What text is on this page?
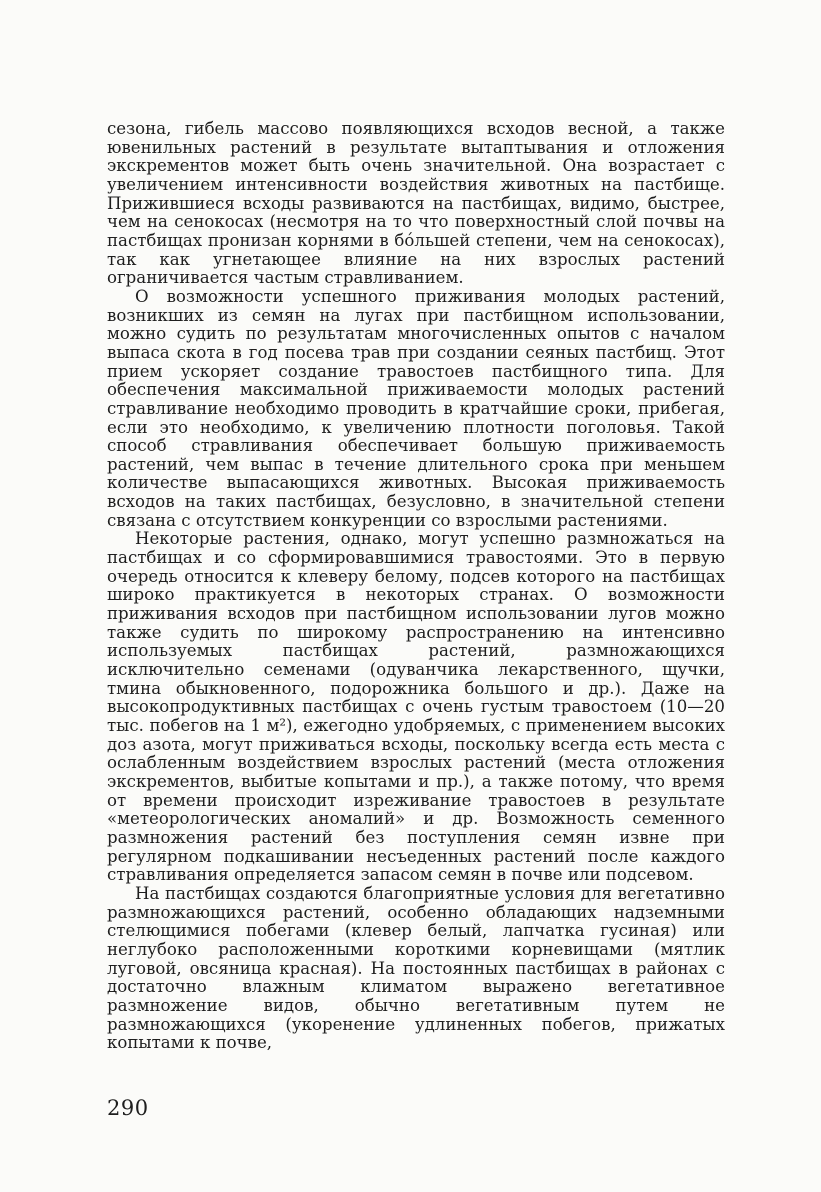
сезона, гибель массово появляющихся всходов весной, а также ювенильных растений в результате вытаптывания и отложения экскрементов может быть очень значительной. Она возрастает с увеличением интенсивности воздействия животных на пастбище. Прижившиеся всходы развиваются на пастбищах, видимо, быстрее, чем на сенокосах (несмотря на то что поверхностный слой почвы на пастбищах пронизан корнями в бóльшей степени, чем на сенокосах), так как угнетающее влияние на них взрослых растений ограничивается частым стравливанием.

О возможности успешного приживания молодых растений, возникших из семян на лугах при пастбищном использовании, можно судить по результатам многочисленных опытов с началом выпаса скота в год посева трав при создании сеяных пастбищ. Этот прием ускоряет создание травостоев пастбищного типа. Для обеспечения максимальной приживаемости молодых растений стравливание необходимо проводить в кратчайшие сроки, прибегая, если это необходимо, к увеличению плотности поголовья. Такой способ стравливания обеспечивает большую приживаемость растений, чем выпас в течение длительного срока при меньшем количестве выпасающихся животных. Высокая приживаемость всходов на таких пастбищах, безусловно, в значительной степени связана с отсутствием конкуренции со взрослыми растениями.

Некоторые растения, однако, могут успешно размножаться на пастбищах и со сформировавшимися травостоями. Это в первую очередь относится к клеверу белому, подсев которого на пастбищах широко практикуется в некоторых странах. О возможности приживания всходов при пастбищном использовании лугов можно также судить по широкому распространению на интенсивно используемых пастбищах растений, размножающихся исключительно семенами (одуванчика лекарственного, щучки, тмина обыкновенного, подорожника большого и др.). Даже на высокопродуктивных пастбищах с очень густым травостоем (10—20 тыс. побегов на 1 м²), ежегодно удобряемых, с применением высоких доз азота, могут приживаться всходы, поскольку всегда есть места с ослабленным воздействием взрослых растений (места отложения экскрементов, выбитые копытами и пр.), а также потому, что время от времени происходит изреживание травостоев в результате «метеорологических аномалий» и др. Возможность семенного размножения растений без поступления семян извне при регулярном подкашивании несъеденных растений после каждого стравливания определяется запасом семян в почве или подсевом.

На пастбищах создаются благоприятные условия для вегетативно размножающихся растений, особенно обладающих надземными стелющимися побегами (клевер белый, лапчатка гусиная) или неглубоко расположенными короткими корневищами (мятлик луговой, овсяница красная). На постоянных пастбищах в районах с достаточно влажным климатом выражено вегетативное размножение видов, обычно вегетативным путем не размножающихся (укоренение удлиненных побегов, прижатых копытами к почве,

290
